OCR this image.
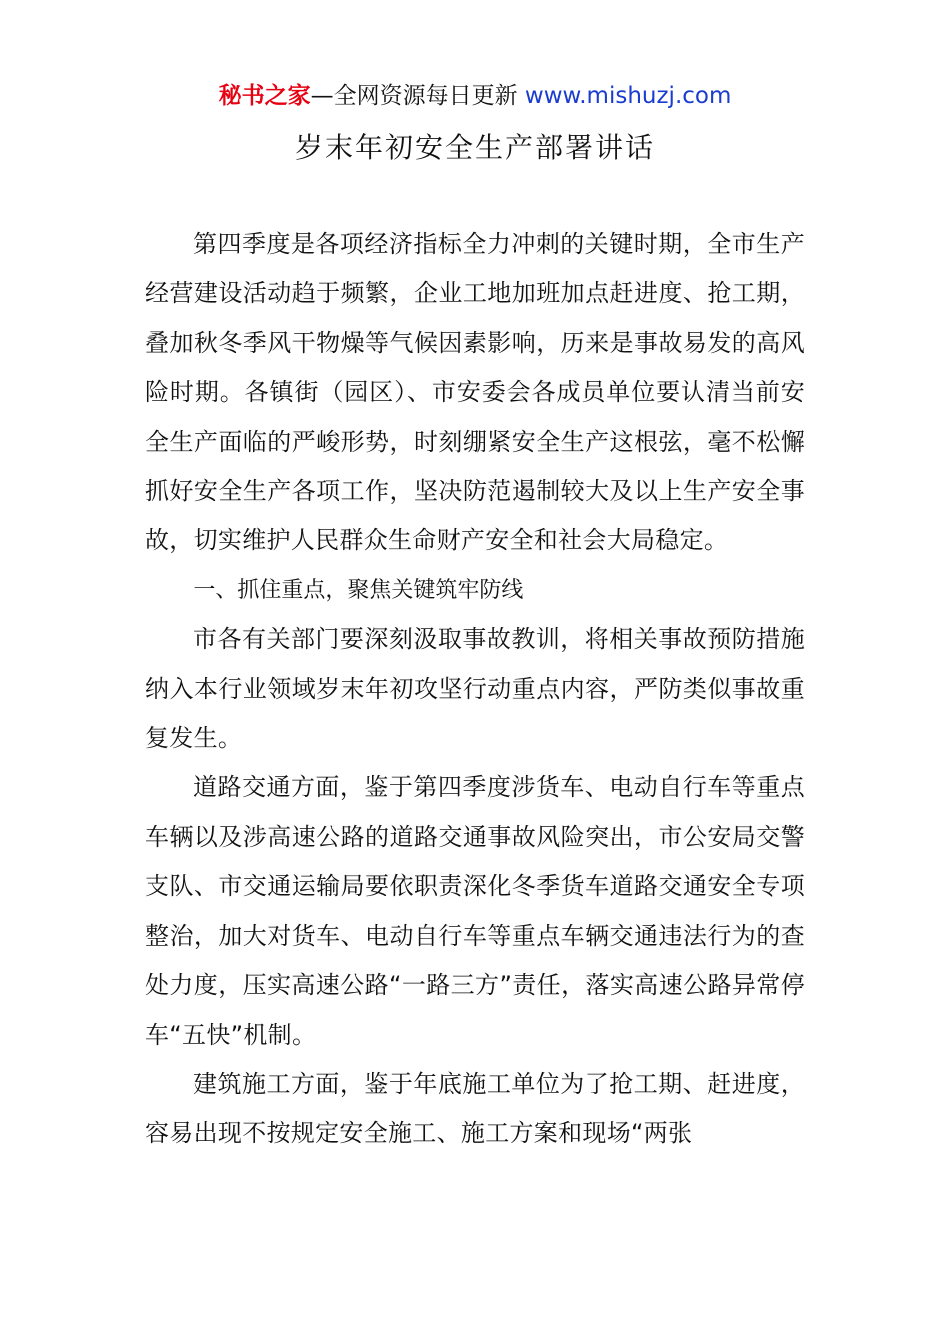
秘书之家—全网资源每日更新 www.mishuzj.com
岁末年初安全生产部署讲话

第四季度是各项经济指标全力冲刺的关键时期，全市生产经营建设活动趋于频繁，企业工地加班加点赶进度、抢工期，叠加秋冬季风干物燥等气候因素影响，历来是事故易发的高风险时期。各镇街（园区）、市安委会各成员单位要认清当前安全生产面临的严峻形势，时刻绷紧安全生产这根弦，毫不松懈抓好安全生产各项工作，坚决防范遏制较大及以上生产安全事故，切实维护人民群众生命财产安全和社会大局稳定。

一、抓住重点，聚焦关键筑牢防线

市各有关部门要深刻汲取事故教训，将相关事故预防措施纳入本行业领域岁末年初攻坚行动重点内容，严防类似事故重复发生。

道路交通方面，鉴于第四季度涉货车、电动自行车等重点车辆以及涉高速公路的道路交通事故风险突出，市公安局交警支队、市交通运输局要依职责深化冬季货车道路交通安全专项整治，加大对货车、电动自行车等重点车辆交通违法行为的查处力度，压实高速公路“一路三方”责任，落实高速公路异常停车“五快”机制。

建筑施工方面，鉴于年底施工单位为了抢工期、赶进度，容易出现不按规定安全施工、施工方案和现场“两张
